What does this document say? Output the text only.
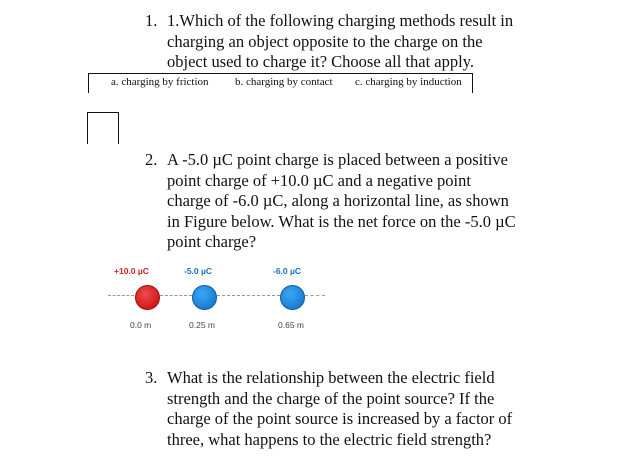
1. 1.Which of the following charging methods result in
charging an object opposite to the charge on the
object used to charge it? Choose all that apply.
a. charging by friction b. charging by contact c. charging by induction
2. A -5.0 µC point charge is placed between a positive
point charge of +10.0 µC and a negative point
charge of -6.0 µC, along a horizontal line, as shown
in Figure below. What is the net force on the -5.0 µC
point charge?
+10.0 µC	-5.0 µC	-6.0 µC
0.0 m	0.25 m	0.65 m
3. What is the relationship between the electric field
strength and the charge of the point source? If the
charge of the point source is increased by a factor of
three, what happens to the electric field strength?
